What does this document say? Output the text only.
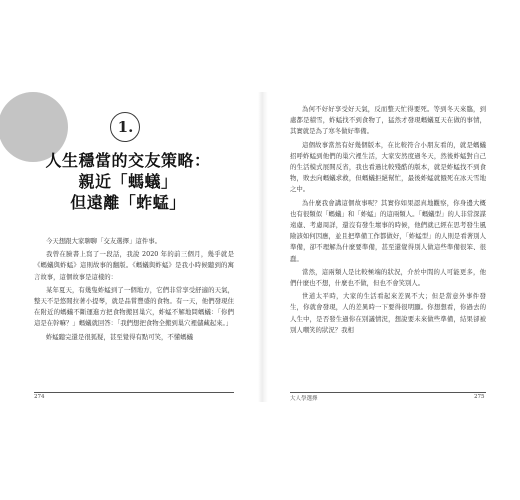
1.
人生穩當的交友策略：
親近「螞蟻」
但遠離「蚱蜢」

今天想跟大家聊聊「交友選擇」這件事。

我曾在臉書上寫了一段話，我說 2020 年的前三個月，幾乎就是《螞蟻與蚱蜢》這則故事的翻版。《螞蟻與蚱蜢》是我小時候聽到的寓言故事，這個故事是這樣的：

某年夏天，有幾隻蚱蜢到了一個地方，它們非常享受舒適的天氣，整天不是悠閒拉著小提琴，就是品嘗豐盛的食物。有一天，他們發現住在附近的螞蟻不斷運進方把食物搬回巢穴，蚱蜢不解地問螞蟻：「你們這是在幹嘛？」螞蟻就回答：「我們想把食物全搬到巢穴裡儲藏起來。」

蚱蜢聽完還是很狐疑，甚至覺得有點可笑，不懂螞蟻

274

為何不好好享受好天氣，反而整天忙得要死。等到冬天來臨，到處都是積雪，蚱蜢找不到食物了，猛然才發現螞蟻夏天在做的事情，其實就是為了寒冬做好準備。

這個故事當然有好幾個版本，在比較符合小朋友看的，就是螞蟻招呼蚱蜢到他們的巢穴裡生活，大家安然度過冬天，然後蚱蜢對自己的生活模式展開反省，我也看過比較殘酷的版本，就是蚱蜢找不到食物，敗去向螞蟻求救，但螞蟻拒絕幫忙，最後蚱蜢就餓死在冰天雪地之中。

為什麼我會講這個故事呢？其實你如果認真地觀察，你身邊大概也有很類似「螞蟻」和「蚱蜢」的這兩類人。「螞蟻型」的人非常深謀遠慮、考慮周詳，還沒有發生壞事的時候，他們就已經在思考發生風險該如何因應，並且把準備工作都做好，「蚱蜢型」的人則是看著別人準備，卻不理解為什麼要準備，甚至還覺得別人做這些準備很笨、很蠢。

當然，這兩類人是比較極端的狀況，介於中間的人可能更多，他們什麼也不想，什麼也不做，但也不會笑別人。

世道太平時，大家的生活看起來差異不大；但是當意外事件發生，你就會發現，人的差異時一下要得很明顯。你想想看，你過去的人生中，是否發生過你在別議情況，想說要未來做些準備，結果卻被別人嘲笑的狀況？我相

大人學選擇	275
